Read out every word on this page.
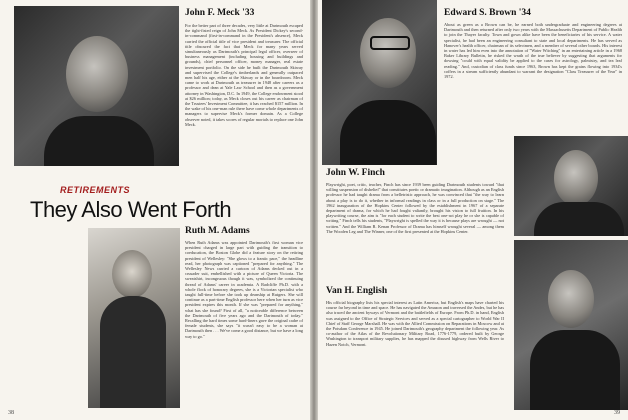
John F. Meck '33
For the better part of three decades, very little at Dartmouth escaped the tight-fisted reign of John Meck. As President Dickey's second-in-command (first-in-command in the President's absence), Meck carried the official title of vice president and treasurer. The official title obscured the fact that Meck for many years served simultaneously as Dartmouth's principal legal officer, overseer of business management (including housing and buildings and grounds), chief personnel officer, money manager, real estate investment portfolio. On the side he built the Dartmouth Skiway and supervised the College's timberlands and generally outpaced men half his age, either at the Skiway or in the boardroom. Meck came to work at Dartmouth as treasurer in 1948 after careers as a professor and dean at Yale Law School and then as a government attorney in Washington, D.C. In 1949, the College endowment stood at $26 million; today, as Meck closes out his career as chairman of the Trustees' Investment Committee, it has reached $157 million. In the wake of his one-man rule there have come whole departments of managers to supervise Meck's former domain. As a College observer noted, it takes scores of regular mortals to replace one John Meck.
RETIREMENTS
They Also Went Forth
Ruth M. Adams
When Ruth Adams was appointed Dartmouth's first woman vice president charged in large part with guiding the transition to coeducation, the Boston Globe did a feature story on the retiring president of Wellesley: "She glows to a frantic pace," the headline read, her photograph was captioned "prepared for anything." The Wellesley News carried a cartoon of Adams decked out in a crusader suit, embellished with a picture of Queen Victoria. The sweatshirt, incongruous though it was, symbolized the continuing thread of Adams' career in academia. A Radcliffe Ph.D. with a whole flock of honorary degrees, she is a Victorian specialist who taught full-time before she took up deanship at Rutgers. She will continue as a part-time English professor here when her turn as vice president expires this month. If she was "prepared for anything," what has she found? First of all, "a noticeable difference between the Dartmouth of five years ago and the Dartmouth of today." Recalling the hard times some hard-liners gave the original cadre of female students, she says "it wasn't easy to be a woman at Dartmouth then . . . We've come a good distance, but we have a long way to go."
38
Edward S. Brown '34
About as green as a Brown can be, he earned both undergraduate and engineering degrees at Dartmouth and then returned after only two years with the Massachusetts Department of Public Health to join the Thayer faculty. Town and gown alike have been the beneficiaries of his service. A water specialist, he had been an engineering consultant to state and local departments. He has served as Hanover's health officer, chairman of its selectmen, and a member of several other boards. His interest in water has led him even into the annotation of "Water Witching" in an entertaining article in a 1968 Baker Library Bulletin, he risked the wrath of the true believer by suggesting that arguments for dowsing "could with equal validity be applied to the cases for astrology, palmistry, and tea leaf reading." And, custodian of class funds since 1963, Brown has kept the grains flowing into 1934's coffers in a stream sufficiently abundant to warrant the designation "Class Treasurer of the Year" in 1972.
John W. Finch
Playwright, poet, critic, teacher, Finch has since 1939 been guiding Dartmouth students toward "that willing suspension of disbelief" that constitutes poetic or dramatic imagination. Although as an English professor he had taught drama from a belletristic approach, he was convinced that "the way to learn about a play is to do it, whether in informal readings in class or in a full production on stage." The 1962 inauguration of the Hopkins Center followed by the establishment in 1967 of a separate department of drama, for which he had fought valiantly, brought his vision to full fruition. In his playwriting course, the aim is "for each student to write the best one-act play he or she is capable of writing." Finch tells his students, "Playwright is spelled the way it is because plays are wrought — not written." And the William R. Kenan Professor of Drama has himself wrought several — among them The Wooden Leg and The Winner, one of the first presented at the Hopkins Center.
Van H. English
His official biography lists his special interest as Latin America, but English's maps have charted his course far beyond in time and space. He has navigated the Amazon and traversed the Andes, but he has also traced the ancient byways of Vermont and the battlefields of Europe. From Ph.D. in hand, English was assigned to the Office of Strategic Services and served as a special cartographer to World War II Chief of Staff George Marshall. He was with the Allied Commission on Reparations in Moscow and at the Potsdam Conference in 1945. He joined Dartmouth's geography department the following year. As co-author of the Atlas of the Revolutionary Military Road, 1776-1779, ordered built by George Washington to transport military supplies, he has mapped the disused highway from Wells River to Hazen Notch, Vermont.
39
